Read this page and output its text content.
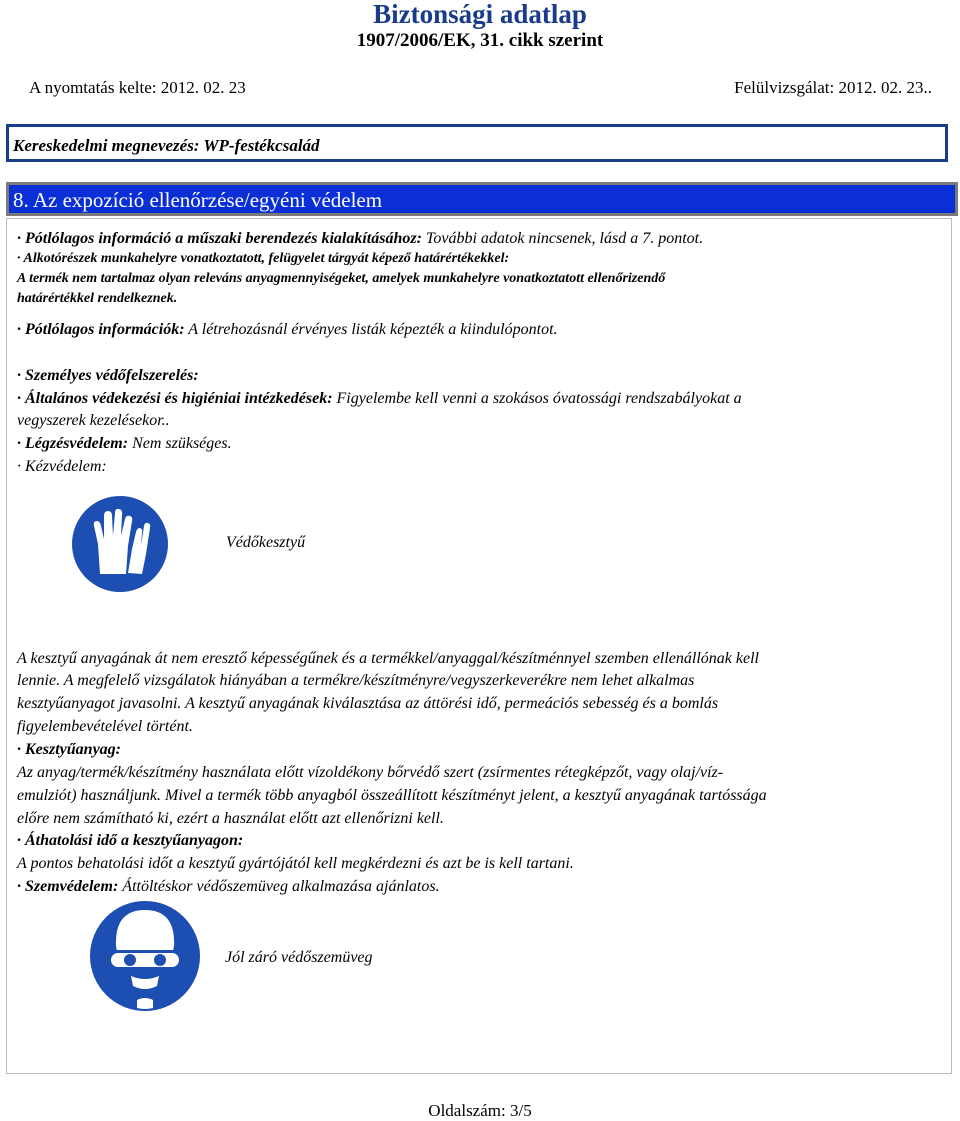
Biztonsági adatlap
1907/2006/EK, 31. cikk szerint
A nyomtatás kelte: 2012. 02. 23	Felülvizsgálat: 2012. 02. 23..
Kereskedelmi megnevezés: WP-festékcsalád
8. Az expozíció ellenőrzése/egyéni védelem
· Pótlólagos információ a műszaki berendezés kialakításához: További adatok nincsenek, lásd a 7. pontot.
· Alkotórészek munkahelyre vonatkoztatott, felügyelet tárgyát képező határértékekkel:
A termék nem tartalmaz olyan releváns anyagmennyiségeket, amelyek munkahelyre vonatkoztatott ellenőrizendő
határértékkel rendelkeznek.
· Pótlólagos információk: A létrehozásnál érvényes listák képezték a kiindulópontot.
· Személyes védőfelszerelés:
· Általános védekezési és higiéniai intézkedések: Figyelembe kell venni a szokásos óvatossági rendszabályokat a
vegyszerek kezelésekor..
· Légzésvédelem: Nem szükséges.
· Kézvédelem:
Védőkesztyű
A kesztyű anyagának át nem eresztő képességűnek és a termékkel/anyaggal/készítménnyel szemben ellenállónak kell
lennie. A megfelelő vizsgálatok hiányában a termékre/készítményre/vegyszerkeverékre nem lehet alkalmas
kesztyűanyagot javasolni. A kesztyű anyagának kiválasztása az áttörési idő, permeációs sebesség és a bomlás
figyelembevételével történt.
· Kesztyűanyag:
Az anyag/termék/készítmény használata előtt vízoldékony bőrvédő szert (zsírmentes rétegképzőt, vagy olaj/víz-
emulziót) használjunk. Mivel a termék több anyagból összeállított készítményt jelent, a kesztyű anyagának tartóssága
előre nem számítható ki, ezért a használat előtt azt ellenőrizni kell.
· Áthatolási idő a kesztyűanyagon:
A pontos behatolási időt a kesztyű gyártójától kell megkérdezni és azt be is kell tartani.
· Szemvédelem: Áttöltéskor védőszemüveg alkalmazása ajánlatos.
Jól záró védőszemüveg
Oldalszám: 3/5
